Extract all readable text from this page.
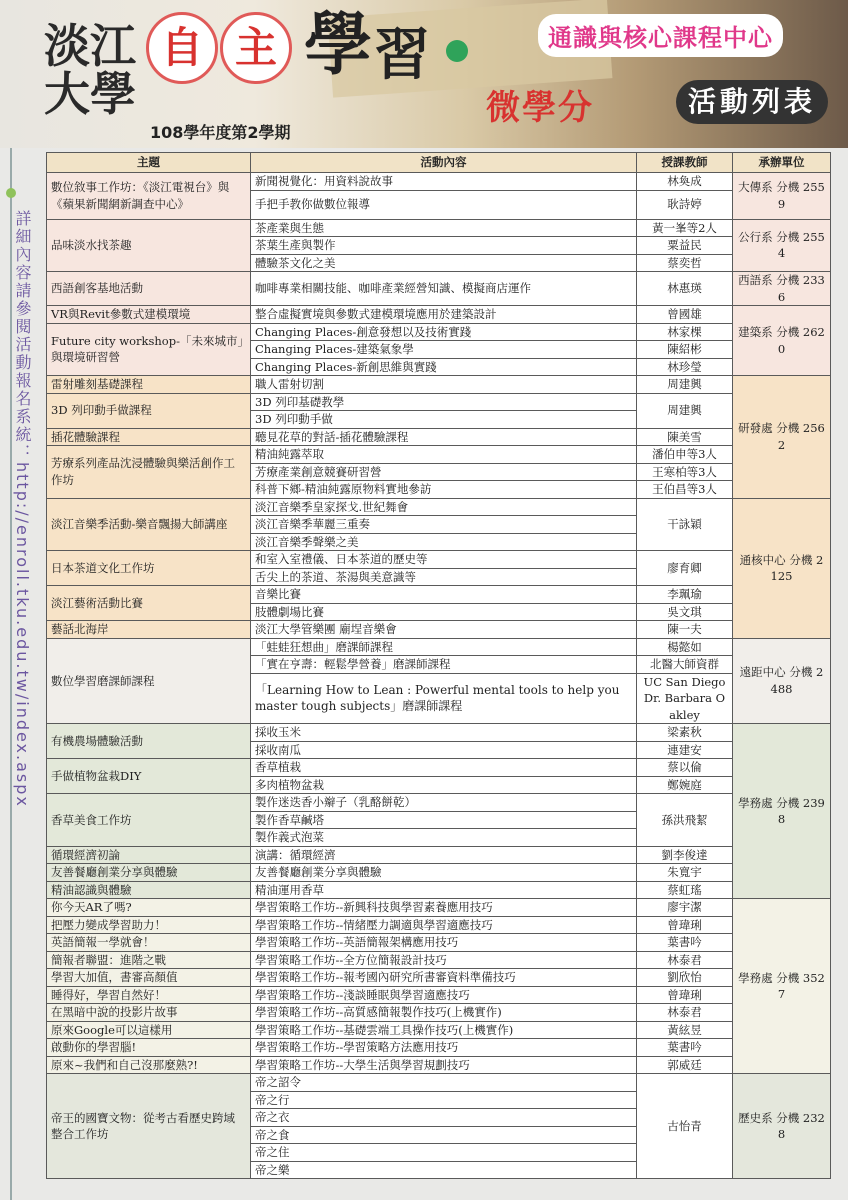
淡江大學
自 主 學 習
微學分
通識與核心課程中心
活動列表
108學年度第2學期
詳細內容請參閱活動報名系統：http://enroll.tku.edu.tw/index.aspx
主題	活動內容	授課教師	承辦單位
數位敘事工作坊：《淡江電視台》與《蘋果新聞網新調查中心》	新聞視覺化：用資料說故事	林奐成	大傳系 分機 2559
	手把手教你做數位報導	耿詩婷	
品味淡水找茶趣	茶產業與生態	黃一峯等2人	公行系 分機 2554
	茶葉生產與製作	粟益民	
	體驗茶文化之美	蔡奕哲	
西語創客基地活動	咖啡專業相關技能、咖啡產業經營知識、模擬商店運作	林惠瑛	西語系 分機 2336
VR與Revit參數式建模環境	整合虛擬實境與參數式建模環境應用於建築設計	曾國雄	建築系 分機 2620
Future city workshop-「未來城市」與環境研習營	Changing Places-創意發想以及技術實踐	林家棵	
	Changing Places-建築氣象學	陳紹彬	
	Changing Places-新創思維與實踐	林珍瑩	
雷射雕刻基礎課程	職人雷射切割	周建興	研發處 分機 2562
3D 列印動手做課程	3D 列印基礎教學	周建興	
	3D 列印動手做		
插花體驗課程	聽見花草的對話-插花體驗課程	陳美雪	
芳療系列產品沈浸體驗與樂活創作工作坊	精油純露萃取	潘伯申等3人	
	芳療產業創意競賽研習營	王寒柏等3人	
	科普下鄉-精油純露原物料實地參訪	王伯昌等3人	
淡江音樂季活動-樂音飄揚大師講座	淡江音樂季皇家探戈.世紀舞會	干詠穎	通核中心 分機 2125
	淡江音樂季華麗三重奏		
	淡江音樂季聲樂之美		
日本茶道文化工作坊	和室入室禮儀、日本茶道的歷史等	廖育卿	
	舌尖上的茶道、茶湯與美意識等		
淡江藝術活動比賽	音樂比賽	李珮瑜	
	肢體劇場比賽	吳文琪	
藝話北海岸	淡江大學管樂團 廟埕音樂會	陳一夫	
數位學習磨課師課程	「蛙蛙狂想曲」磨課師課程	楊懿如	遠距中心 分機 2488
	「實在亨壽：輕鬆學營養」磨課師課程	北醫大師資群	
	「Learning How to Lean : Powerful mental tools to help you master tough subjects」磨課師課程	UC San Diego Dr. Barbara Oakley	
有機農場體驗活動	採收玉米	梁素秋	學務處 分機 2398
	採收南瓜	連建安	
手做植物盆栽DIY	香草植栽	蔡以倫	
	多肉植物盆栽	鄭婉庭	
香草美食工作坊	製作迷迭香小辮子（乳酪餅乾）	孫洪飛絜	
	製作香草鹹塔		
	製作義式泡菜		
循環經濟初論	演講：循環經濟	劉李俊達	
友善餐廳創業分享與體驗	友善餐廳創業分享與體驗	朱寬宇	
精油認識與體驗	精油運用香草	蔡虹瑤	
你今天AR了嗎?	學習策略工作坊--新興科技與學習素養應用技巧	廖宇潔	學務處 分機 3527
把壓力變成學習助力！	學習策略工作坊--情緒壓力調適與學習適應技巧	曾瑋琍	
英語簡報一學就會！	學習策略工作坊--英語簡報架構應用技巧	葉書吟	
簡報者聯盟：進階之戰	學習策略工作坊--全方位簡報設計技巧	林泰君	
學習大加值，書審高顏值	學習策略工作坊--報考國內研究所書審資料準備技巧	劉欣怡	
睡得好，學習自然好！	學習策略工作坊--淺談睡眠與學習適應技巧	曾瑋琍	
在黑暗中說的投影片故事	學習策略工作坊--高質感簡報製作技巧(上機實作)	林泰君	
原來Google可以這樣用	學習策略工作坊--基礎雲端工具操作技巧(上機實作)	黃絃昱	
啟動你的學習腦!	學習策略工作坊--學習策略方法應用技巧	葉書吟	
原來~我們和自己沒那麼熟?!	學習策略工作坊--大學生活與學習規劃技巧	郭威廷	
帝王的國寶文物：從考古看歷史跨域整合工作坊	帝之詔令	古怡青	歷史系 分機 2328
	帝之行		
	帝之衣		
	帝之食		
	帝之住		
	帝之樂		
